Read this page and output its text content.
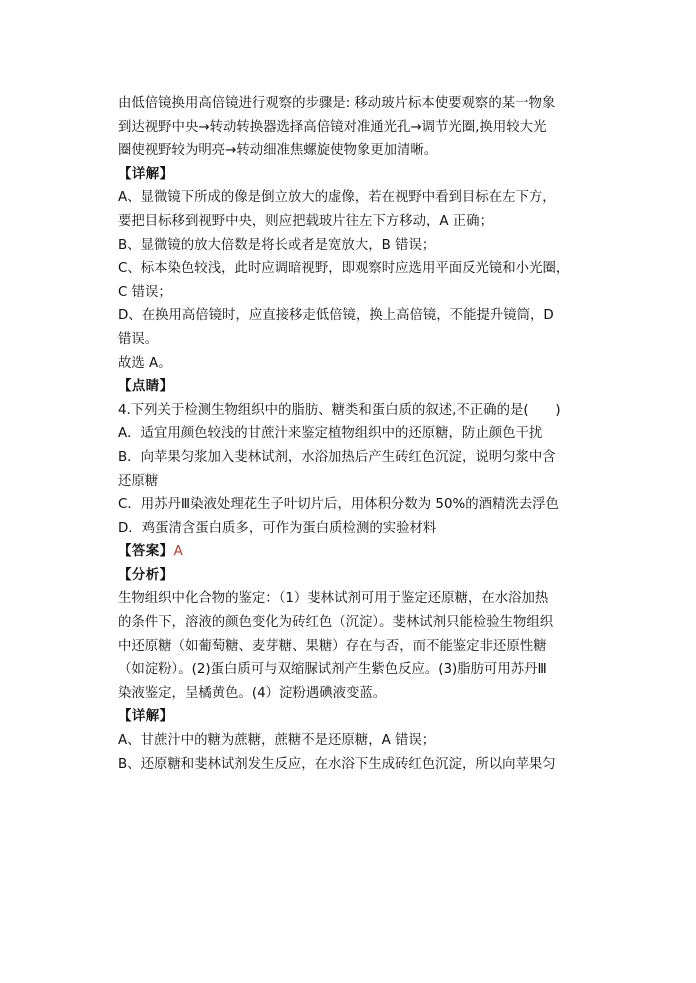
由低倍镜换用高倍镜进行观察的步骤是: 移动玻片标本使要观察的某一物象
到达视野中央→转动转换器选择高倍镜对准通光孔→调节光圈,换用较大光
圈使视野较为明亮→转动细准焦螺旋使物象更加清晰。
【详解】
A、显微镜下所成的像是倒立放大的虚像，若在视野中看到目标在左下方，
要把目标移到视野中央，则应把载玻片往左下方移动，A 正确；
B、显微镜的放大倍数是将长或者是宽放大，B 错误；
C、标本染色较浅，此时应调暗视野，即观察时应选用平面反光镜和小光圈，
C 错误；
D、在换用高倍镜时，应直接移走低倍镜，换上高倍镜，不能提升镜筒，D
错误。
故选 A。
【点睛】
4.下列关于检测生物组织中的脂肪、糖类和蛋白质的叙述,不正确的是(　　)
A．适宜用颜色较浅的甘蔗汁来鉴定植物组织中的还原糖，防止颜色干扰
B．向苹果匀浆加入斐林试剂，水浴加热后产生砖红色沉淀，说明匀浆中含
还原糖
C．用苏丹Ⅲ染液处理花生子叶切片后，用体积分数为 50%的酒精洗去浮色
D．鸡蛋清含蛋白质多，可作为蛋白质检测的实验材料
【答案】A
【分析】
生物组织中化合物的鉴定：（1）斐林试剂可用于鉴定还原糖，在水浴加热
的条件下，溶液的颜色变化为砖红色（沉淀）。斐林试剂只能检验生物组织
中还原糖（如葡萄糖、麦芽糖、果糖）存在与否，而不能鉴定非还原性糖
（如淀粉）。(2)蛋白质可与双缩脲试剂产生紫色反应。(3)脂肪可用苏丹Ⅲ
染液鉴定，呈橘黄色。(4）淀粉遇碘液变蓝。
【详解】
A、甘蔗汁中的糖为蔗糖，蔗糖不是还原糖，A 错误；
B、还原糖和斐林试剂发生反应，在水浴下生成砖红色沉淀，所以向苹果匀
